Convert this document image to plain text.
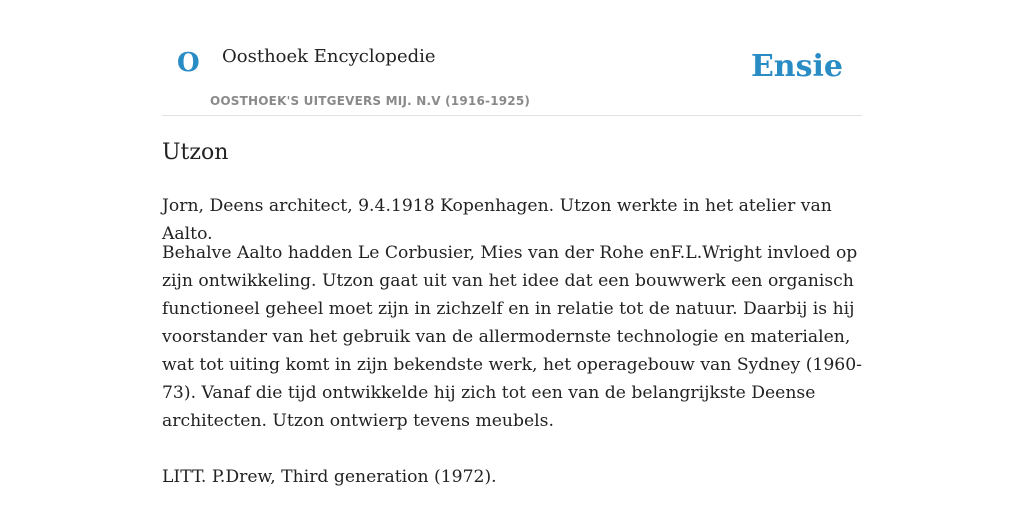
O Oosthoek Encyclopedie
OOSTHOEK'S UITGEVERS MIJ. N.V (1916-1925)
Ensie
Utzon

Jorn, Deens architect, 9.4.1918 Kopenhagen. Utzon werkte in het atelier van Aalto.

Behalve Aalto hadden Le Corbusier, Mies van der Rohe enF.L.Wright invloed op zijn ontwikkeling. Utzon gaat uit van het idee dat een bouwwerk een organisch functioneel geheel moet zijn in zichzelf en in relatie tot de natuur. Daarbij is hij voorstander van het gebruik van de allermodernste technologie en materialen, wat tot uiting komt in zijn bekendste werk, het operagebouw van Sydney (1960-73). Vanaf die tijd ontwikkelde hij zich tot een van de belangrijkste Deense architecten. Utzon ontwierp tevens meubels.

LITT. P.Drew, Third generation (1972).
